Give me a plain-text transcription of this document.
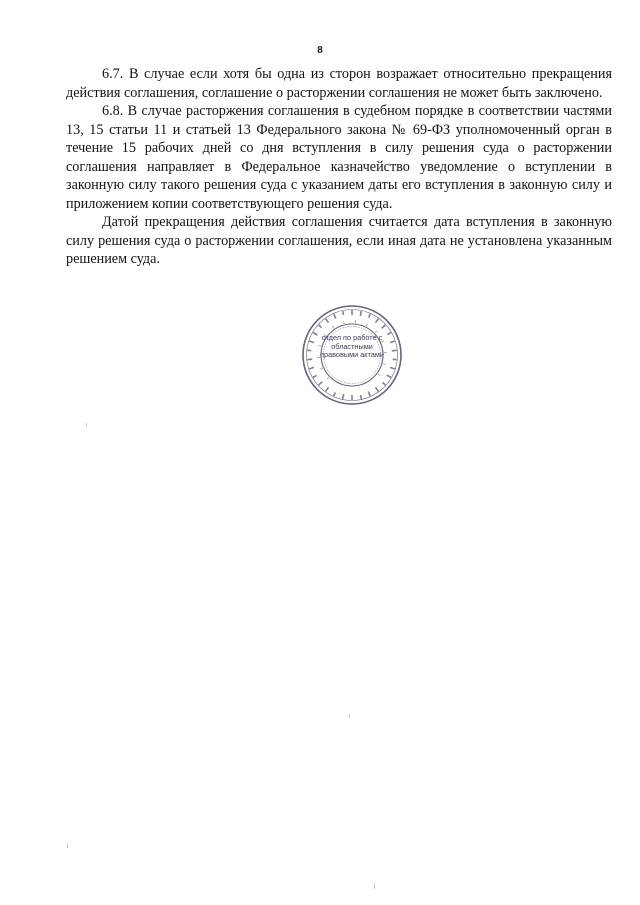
8

6.7. В случае если хотя бы одна из сторон возражает относительно прекращения действия соглашения, соглашение о расторжении соглашения не может быть заключено.

6.8. В случае расторжения соглашения в судебном порядке в соответствии частями 13, 15 статьи 11 и статьей 13 Федерального закона № 69-ФЗ уполномоченный орган в течение 15 рабочих дней со дня вступления в силу решения суда о расторжении соглашения направляет в Федеральное казначейство уведомление о вступлении в законную силу такого решения суда с указанием даты его вступления в законную силу и приложением копии соответствующего решения суда.

Датой прекращения действия соглашения считается дата вступления в законную силу решения суда о расторжении соглашения, если иная дата не установлена указанным решением суда.

отдел по работе с областными правовыми актами
